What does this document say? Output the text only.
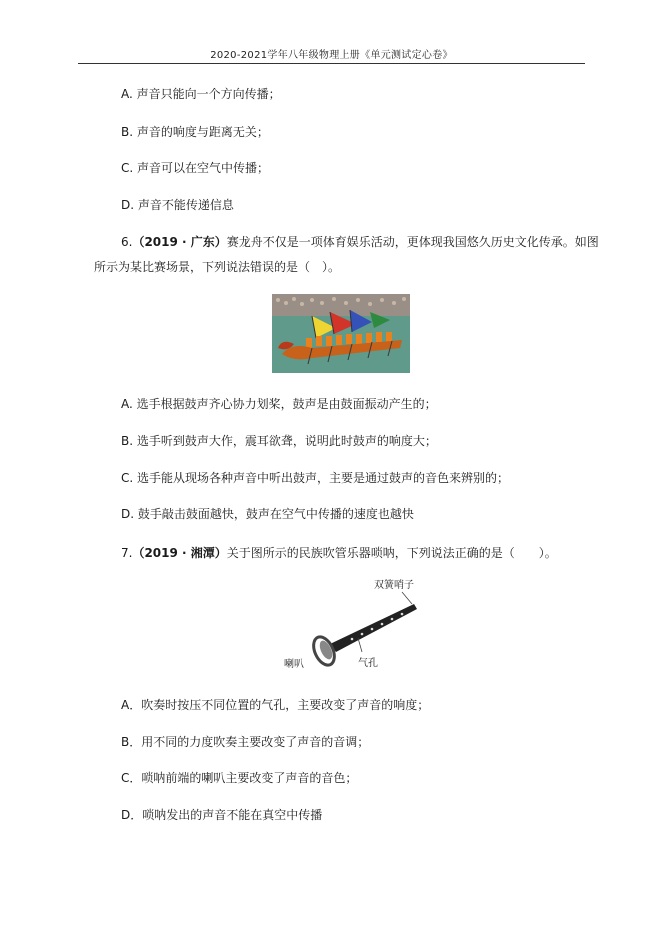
2020-2021学年八年级物理上册《单元测试定心卷》
A. 声音只能向一个方向传播；
B. 声音的响度与距离无关；
C. 声音可以在空气中传播；
D. 声音不能传递信息
6.（2019 · 广东）赛龙舟不仅是一项体育娱乐活动，更体现我国悠久历史文化传承。如图
所示为某比赛场景，下列说法错误的是（　）。
A. 选手根据鼓声齐心协力划桨，鼓声是由鼓面振动产生的；
B. 选手听到鼓声大作，震耳欲聋，说明此时鼓声的响度大；
C. 选手能从现场各种声音中听出鼓声，主要是通过鼓声的音色来辨别的；
D. 鼓手敲击鼓面越快，鼓声在空气中传播的速度也越快
7.（2019 · 湘潭）关于图所示的民族吹管乐器唢呐，下列说法正确的是（　　）。
双簧哨子
喇叭	气孔
A．吹奏时按压不同位置的气孔，主要改变了声音的响度；
B．用不同的力度吹奏主要改变了声音的音调；
C．唢呐前端的喇叭主要改变了声音的音色；
D．唢呐发出的声音不能在真空中传播
